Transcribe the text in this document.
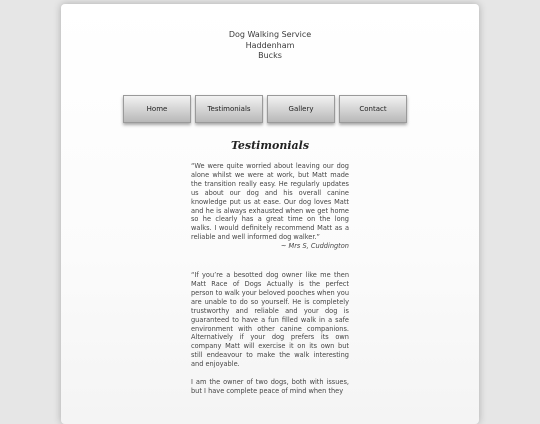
Dog Walking Service
Haddenham
Bucks
Home	Testimonials	Gallery	Contact
Testimonials

“We were quite worried about leaving our dog alone whilst we were at work, but Matt made the transition really easy. He regularly updates us about our dog and his overall canine knowledge put us at ease. Our dog loves Matt and he is always exhausted when we get home so he clearly has a great time on the long walks. I would definitely recommend Matt as a reliable and well informed dog walker.”

~ Mrs S, Cuddington

“If you’re a besotted dog owner like me then Matt Race of Dogs Actually is the perfect person to walk your beloved pooches when you are unable to do so yourself. He is completely trustworthy and reliable and your dog is guaranteed to have a fun filled walk in a safe environment with other canine companions. Alternatively if your dog prefers its own company Matt will exercise it on its own but still endeavour to make the walk interesting and enjoyable.

I am the owner of two dogs, both with issues, but I have complete peace of mind when they
